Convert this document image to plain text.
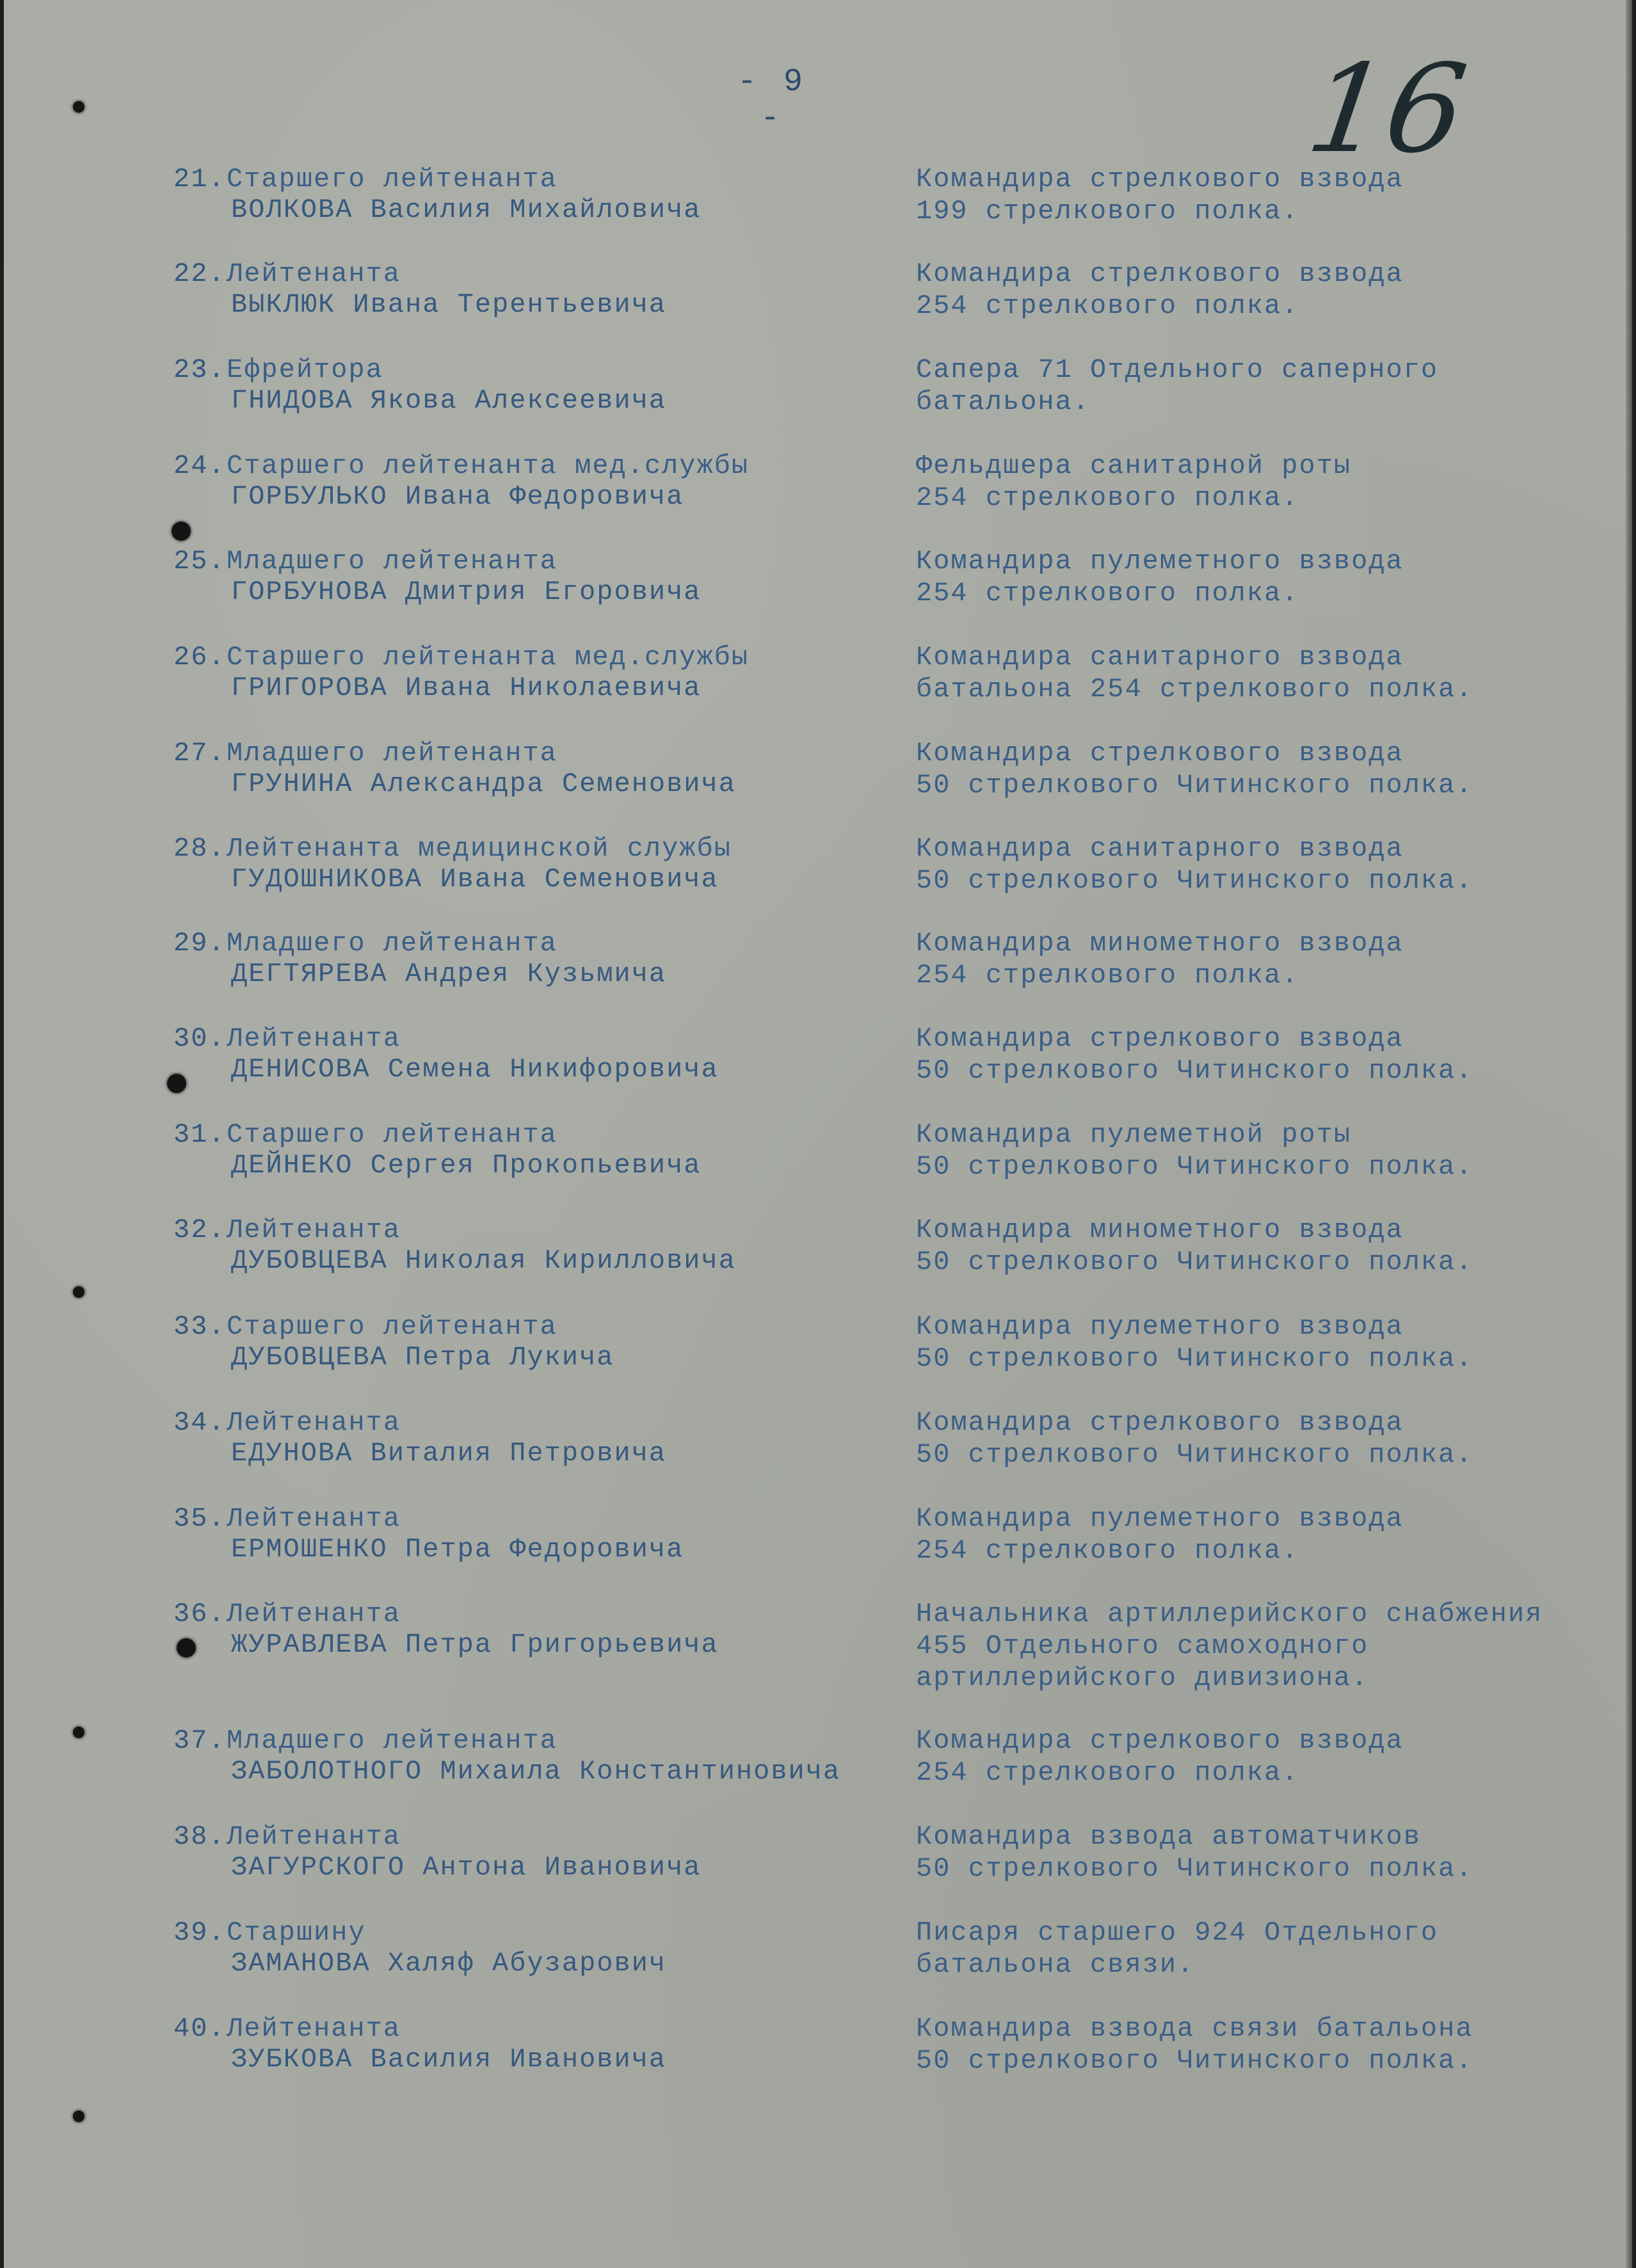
- 9 -	16
21. Старшего лейтенанта
ВОЛКОВА Василия Михайловича
Командира стрелкового взвода
199 стрелкового полка.
22. Лейтенанта
ВЫКЛЮК Ивана Терентьевича
Командира стрелкового взвода
254 стрелкового полка.
23. Ефрейтора
ГНИДОВА Якова Алексеевича
Сапера 71 Отдельного саперного
батальона.
24. Старшего лейтенанта мед.службы
ГОРБУЛЬКО Ивана Федоровича
Фельдшера санитарной роты
254 стрелкового полка.
25. Младшего лейтенанта
ГОРБУНОВА Дмитрия Егоровича
Командира пулеметного взвода
254 стрелкового полка.
26. Старшего лейтенанта мед.службы
ГРИГОРОВА Ивана Николаевича
Командира санитарного взвода
батальона 254 стрелкового полка.
27. Младшего лейтенанта
ГРУНИНА Александра Семеновича
Командира стрелкового взвода
50 стрелкового Читинского полка.
28. Лейтенанта медицинской службы
ГУДОШНИКОВА Ивана Семеновича
Командира санитарного взвода
50 стрелкового Читинского полка.
29. Младшего лейтенанта
ДЕГТЯРЕВА Андрея Кузьмича
Командира минометного взвода
254 стрелкового полка.
30. Лейтенанта
ДЕНИСОВА Семена Никифоровича
Командира стрелкового взвода
50 стрелкового Читинского полка.
31. Старшего лейтенанта
ДЕЙНЕКО Сергея Прокопьевича
Командира пулеметной роты
50 стрелкового Читинского полка.
32. Лейтенанта
ДУБОВЦЕВА Николая Кирилловича
Командира минометного взвода
50 стрелкового Читинского полка.
33. Старшего лейтенанта
ДУБОВЦЕВА Петра Лукича
Командира пулеметного взвода
50 стрелкового Читинского полка.
34. Лейтенанта
ЕДУНОВА Виталия Петровича
Командира стрелкового взвода
50 стрелкового Читинского полка.
35. Лейтенанта
ЕРМОШЕНКО Петра Федоровича
Командира пулеметного взвода
254 стрелкового полка.
36. Лейтенанта
ЖУРАВЛЕВА Петра Григорьевича
Начальника артиллерийского снабжения
455 Отдельного самоходного
артиллерийского дивизиона.
37. Младшего лейтенанта
ЗАБОЛОТНОГО Михаила Константиновича
Командира стрелкового взвода
254 стрелкового полка.
38. Лейтенанта
ЗАГУРСКОГО Антона Ивановича
Командира взвода автоматчиков
50 стрелкового Читинского полка.
39. Старшину
ЗАМАНОВА Халяф Абузарович
Писаря старшего 924 Отдельного
батальона связи.
40. Лейтенанта
ЗУБКОВА Василия Ивановича
Командира взвода связи батальона
50 стрелкового Читинского полка.
